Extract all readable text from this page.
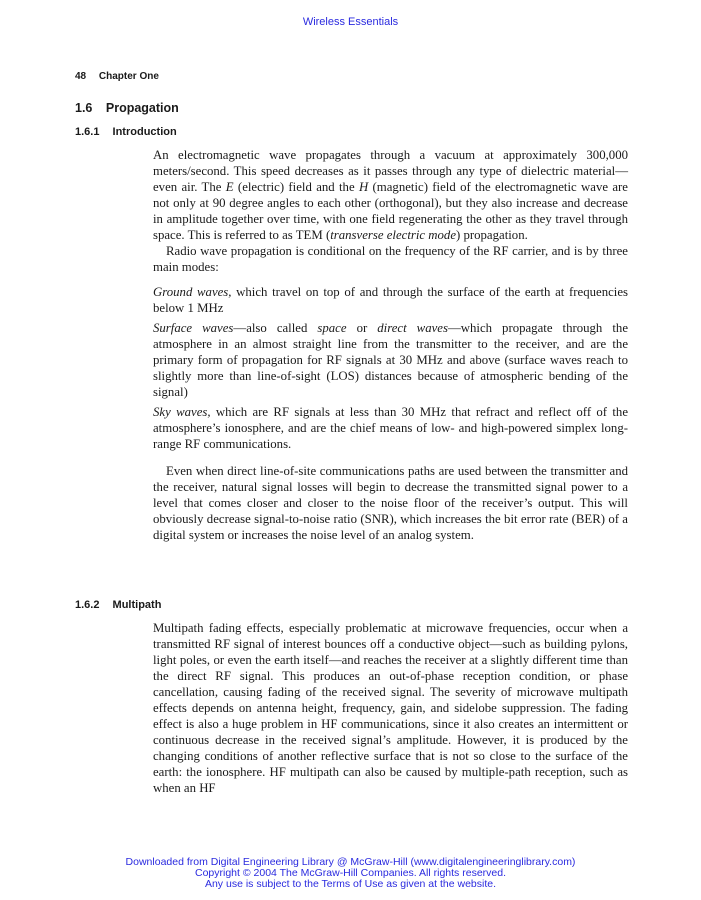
Wireless Essentials
48 Chapter One
1.6 Propagation
1.6.1 Introduction

An electromagnetic wave propagates through a vacuum at approximately 300,000 meters/second. This speed decreases as it passes through any type of dielectric material—even air. The E (electric) field and the H (magnetic) field of the electromagnetic wave are not only at 90 degree angles to each other (orthogonal), but they also increase and decrease in amplitude together over time, with one field regenerating the other as they travel through space. This is referred to as TEM (transverse electric mode) propagation.

Radio wave propagation is conditional on the frequency of the RF carrier, and is by three main modes:

Ground waves, which travel on top of and through the surface of the earth at frequencies below 1 MHz

Surface waves—also called space or direct waves—which propagate through the atmosphere in an almost straight line from the transmitter to the receiver, and are the primary form of propagation for RF signals at 30 MHz and above (surface waves reach to slightly more than line-of-sight (LOS) distances because of atmospheric bending of the signal)

Sky waves, which are RF signals at less than 30 MHz that refract and reflect off of the atmosphere’s ionosphere, and are the chief means of low- and high-powered simplex long-range RF communications.

Even when direct line-of-site communications paths are used between the transmitter and the receiver, natural signal losses will begin to decrease the transmitted signal power to a level that comes closer and closer to the noise floor of the receiver’s output. This will obviously decrease signal-to-noise ratio (SNR), which increases the bit error rate (BER) of a digital system or increases the noise level of an analog system.

1.6.2 Multipath

Multipath fading effects, especially problematic at microwave frequencies, occur when a transmitted RF signal of interest bounces off a conductive object—such as building pylons, light poles, or even the earth itself—and reaches the receiver at a slightly different time than the direct RF signal. This produces an out-of-phase reception condition, or phase cancellation, causing fading of the received signal. The severity of microwave multipath effects depends on antenna height, frequency, gain, and sidelobe suppression. The fading effect is also a huge problem in HF communications, since it also creates an intermittent or continuous decrease in the received signal’s amplitude. However, it is produced by the changing conditions of another reflective surface that is not so close to the surface of the earth: the ionosphere. HF multipath can also be caused by multiple-path reception, such as when an HF

Downloaded from Digital Engineering Library @ McGraw-Hill (www.digitalengineeringlibrary.com)
Copyright © 2004 The McGraw-Hill Companies. All rights reserved.
Any use is subject to the Terms of Use as given at the website.
